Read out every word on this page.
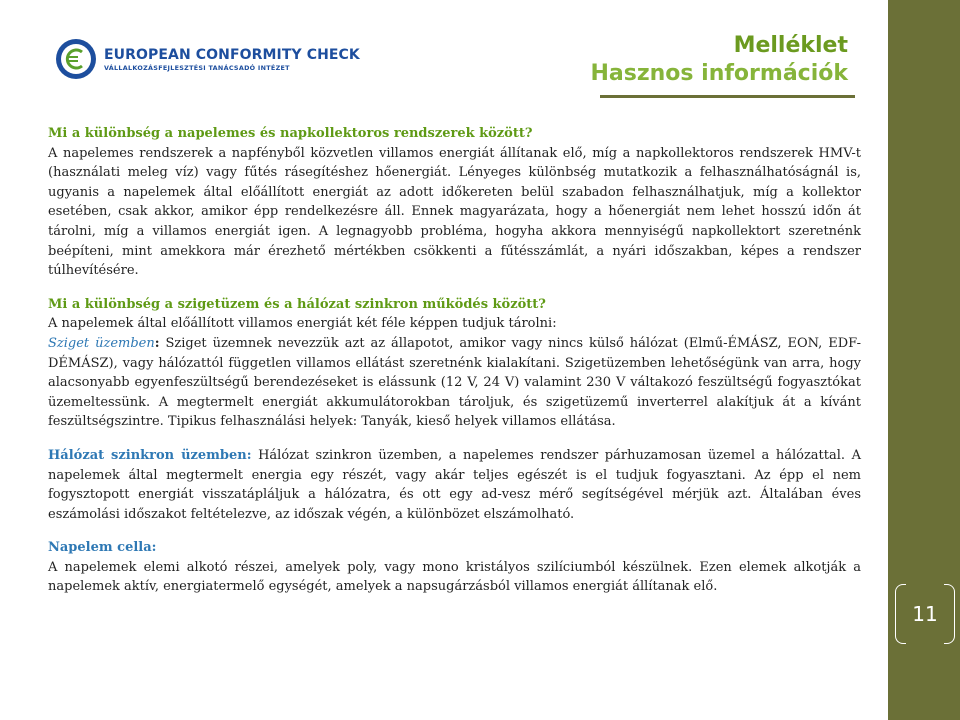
11
EUROPEAN CONFORMITY CHECK
VÁLLALKOZÁSFEJLESZTÉSI TANÁCSADÓ INTÉZET
Melléklet
Hasznos információk

Mi a különbség a napelemes és napkollektoros rendszerek között?
A napelemes rendszerek a napfényből közvetlen villamos energiát állítanak elő, míg a napkollektoros rendszerek HMV-t (használati meleg víz) vagy fűtés rásegítéshez hőenergiát. Lényeges különbség mutatkozik a felhasználhatóságnál is, ugyanis a napelemek által előállított energiát az adott időkereten belül szabadon felhasználhatjuk, míg a kollektor esetében, csak akkor, amikor épp rendelkezésre áll. Ennek magyarázata, hogy a hőenergiát nem lehet hosszú időn át tárolni, míg a villamos energiát igen. A legnagyobb probléma, hogyha akkora mennyiségű napkollektort szeretnénk beépíteni, mint amekkora már érezhető mértékben csökkenti a fűtésszámlát, a nyári időszakban, képes a rendszer túlhevítésére.

Mi a különbség a szigetüzem és a hálózat szinkron működés között?
A napelemek által előállított villamos energiát két féle képpen tudjuk tárolni:
Sziget üzemben: Sziget üzemnek nevezzük azt az állapotot, amikor vagy nincs külső hálózat (Elmű-ÉMÁSZ, EON, EDF-DÉMÁSZ), vagy hálózattól független villamos ellátást szeretnénk kialakítani. Szigetüzemben lehetőségünk van arra, hogy alacsonyabb egyenfeszültségű berendezéseket is elássunk (12 V, 24 V) valamint 230 V váltakozó feszültségű fogyasztókat üzemeltessünk. A megtermelt energiát akkumulátorokban tároljuk, és szigetüzemű inverterrel alakítjuk át a kívánt feszültségszintre. Tipikus felhasználási helyek: Tanyák, kieső helyek villamos ellátása.

Hálózat szinkron üzemben: Hálózat szinkron üzemben, a napelemes rendszer párhuzamosan üzemel a hálózattal. A napelemek által megtermelt energia egy részét, vagy akár teljes egészét is el tudjuk fogyasztani. Az épp el nem fogysztopott energiát visszatápláljuk a hálózatra, és ott egy ad-vesz mérő segítségével mérjük azt. Általában éves eszámolási időszakot feltételezve, az időszak végén, a különbözet elszámolható.

Napelem cella:
A napelemek elemi alkotó részei, amelyek poly, vagy mono kristályos szilíciumból készülnek. Ezen elemek alkotják a napelemek aktív, energiatermelő egységét, amelyek a napsugárzásból villamos energiát állítanak elő.
